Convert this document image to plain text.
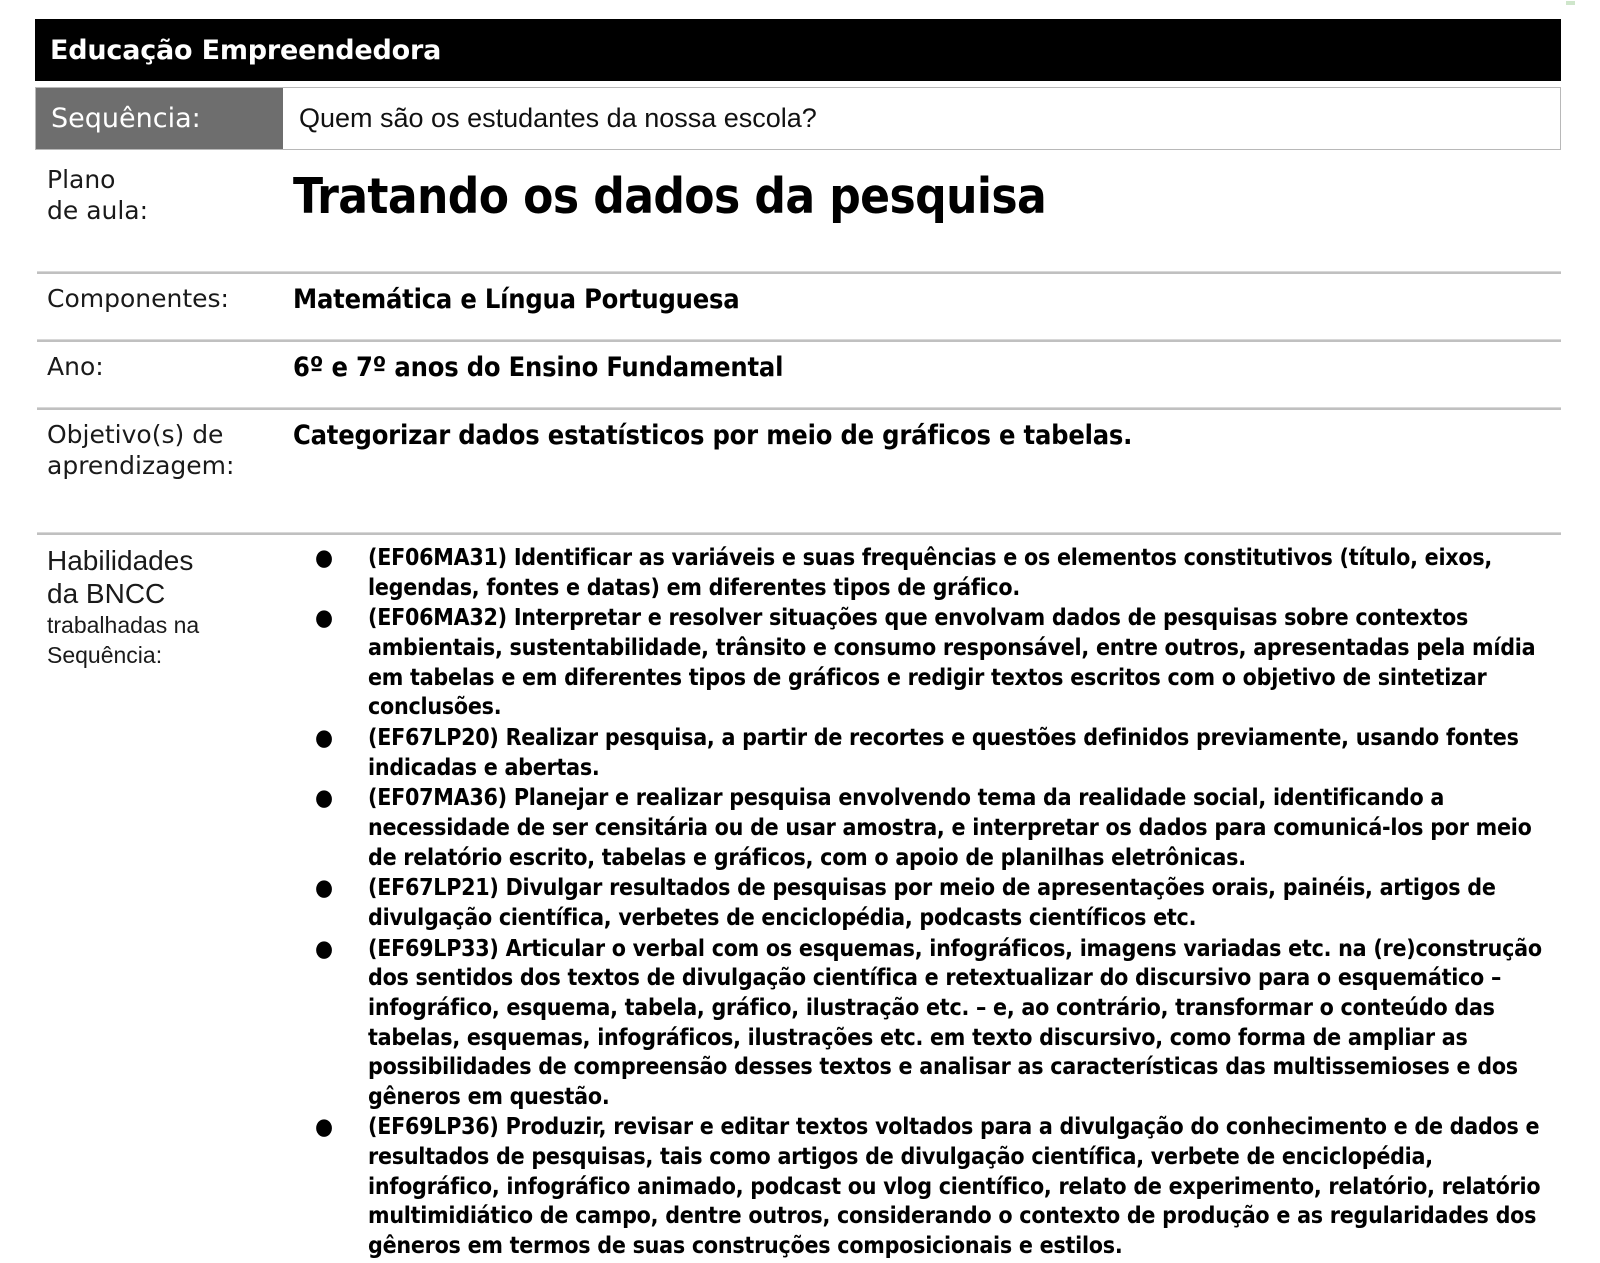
Educação Empreendedora
Sequência:	Quem são os estudantes da nossa escola?
Plano
de aula:	Tratando os dados da pesquisa
Componentes:	Matemática e Língua Portuguesa
Ano:	6º e 7º anos do Ensino Fundamental
Objetivo(s) de
aprendizagem:
Categorizar dados estatísticos por meio de gráficos e tabelas.
Habilidades
da BNCC
trabalhadas na
Sequência:
● (EF06MA31) Identificar as variáveis e suas frequências e os elementos constitutivos (título, eixos, legendas, fontes e datas) em diferentes tipos de gráfico.
● (EF06MA32) Interpretar e resolver situações que envolvam dados de pesquisas sobre contextos ambientais, sustentabilidade, trânsito e consumo responsável, entre outros, apresentadas pela mídia em tabelas e em diferentes tipos de gráficos e redigir textos escritos com o objetivo de sintetizar conclusões.
● (EF67LP20) Realizar pesquisa, a partir de recortes e questões definidos previamente, usando fontes indicadas e abertas.
● (EF07MA36) Planejar e realizar pesquisa envolvendo tema da realidade social, identificando a necessidade de ser censitária ou de usar amostra, e interpretar os dados para comunicá-los por meio de relatório escrito, tabelas e gráficos, com o apoio de planilhas eletrônicas.
● (EF67LP21) Divulgar resultados de pesquisas por meio de apresentações orais, painéis, artigos de divulgação científica, verbetes de enciclopédia, podcasts científicos etc.
● (EF69LP33) Articular o verbal com os esquemas, infográficos, imagens variadas etc. na (re)construção dos sentidos dos textos de divulgação científica e retextualizar do discursivo para o esquemático – infográfico, esquema, tabela, gráfico, ilustração etc. – e, ao contrário, transformar o conteúdo das tabelas, esquemas, infográficos, ilustrações etc. em texto discursivo, como forma de ampliar as possibilidades de compreensão desses textos e analisar as características das multissemioses e dos gêneros em questão.
● (EF69LP36) Produzir, revisar e editar textos voltados para a divulgação do conhecimento e de dados e resultados de pesquisas, tais como artigos de divulgação científica, verbete de enciclopédia, infográfico, infográfico animado, podcast ou vlog científico, relato de experimento, relatório, relatório multimidiático de campo, dentre outros, considerando o contexto de produção e as regularidades dos gêneros em termos de suas construções composicionais e estilos.
